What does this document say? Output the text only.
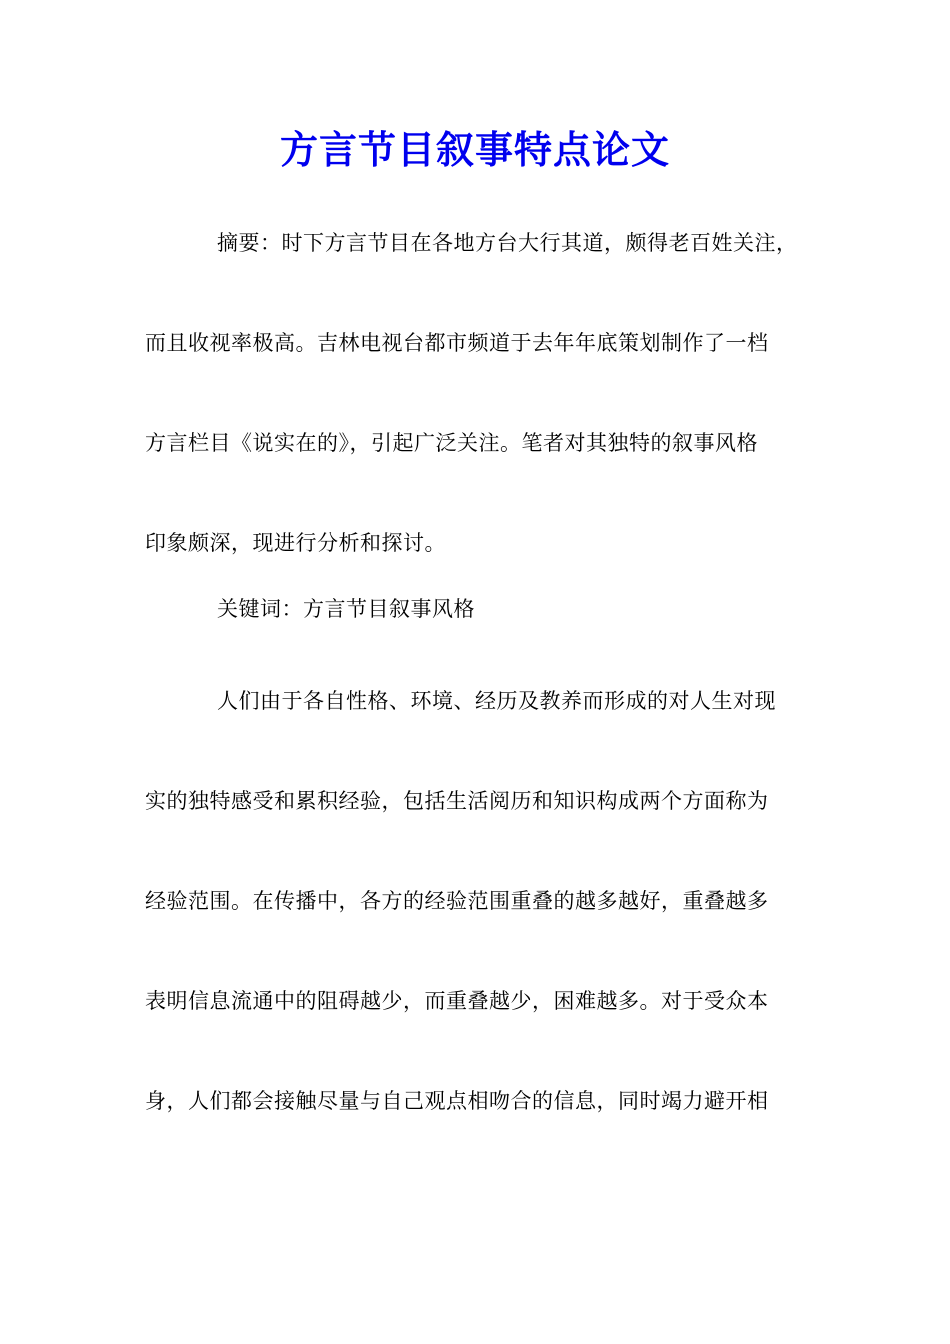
方言节目叙事特点论文
摘要：时下方言节目在各地方台大行其道，颇得老百姓关注，
而且收视率极高。吉林电视台都市频道于去年年底策划制作了一档
方言栏目《说实在的》，引起广泛关注。笔者对其独特的叙事风格
印象颇深，现进行分析和探讨。
关键词：方言节目叙事风格
人们由于各自性格、环境、经历及教养而形成的对人生对现
实的独特感受和累积经验，包括生活阅历和知识构成两个方面称为
经验范围。在传播中，各方的经验范围重叠的越多越好，重叠越多
表明信息流通中的阻碍越少，而重叠越少，困难越多。对于受众本
身，人们都会接触尽量与自己观点相吻合的信息，同时竭力避开相
